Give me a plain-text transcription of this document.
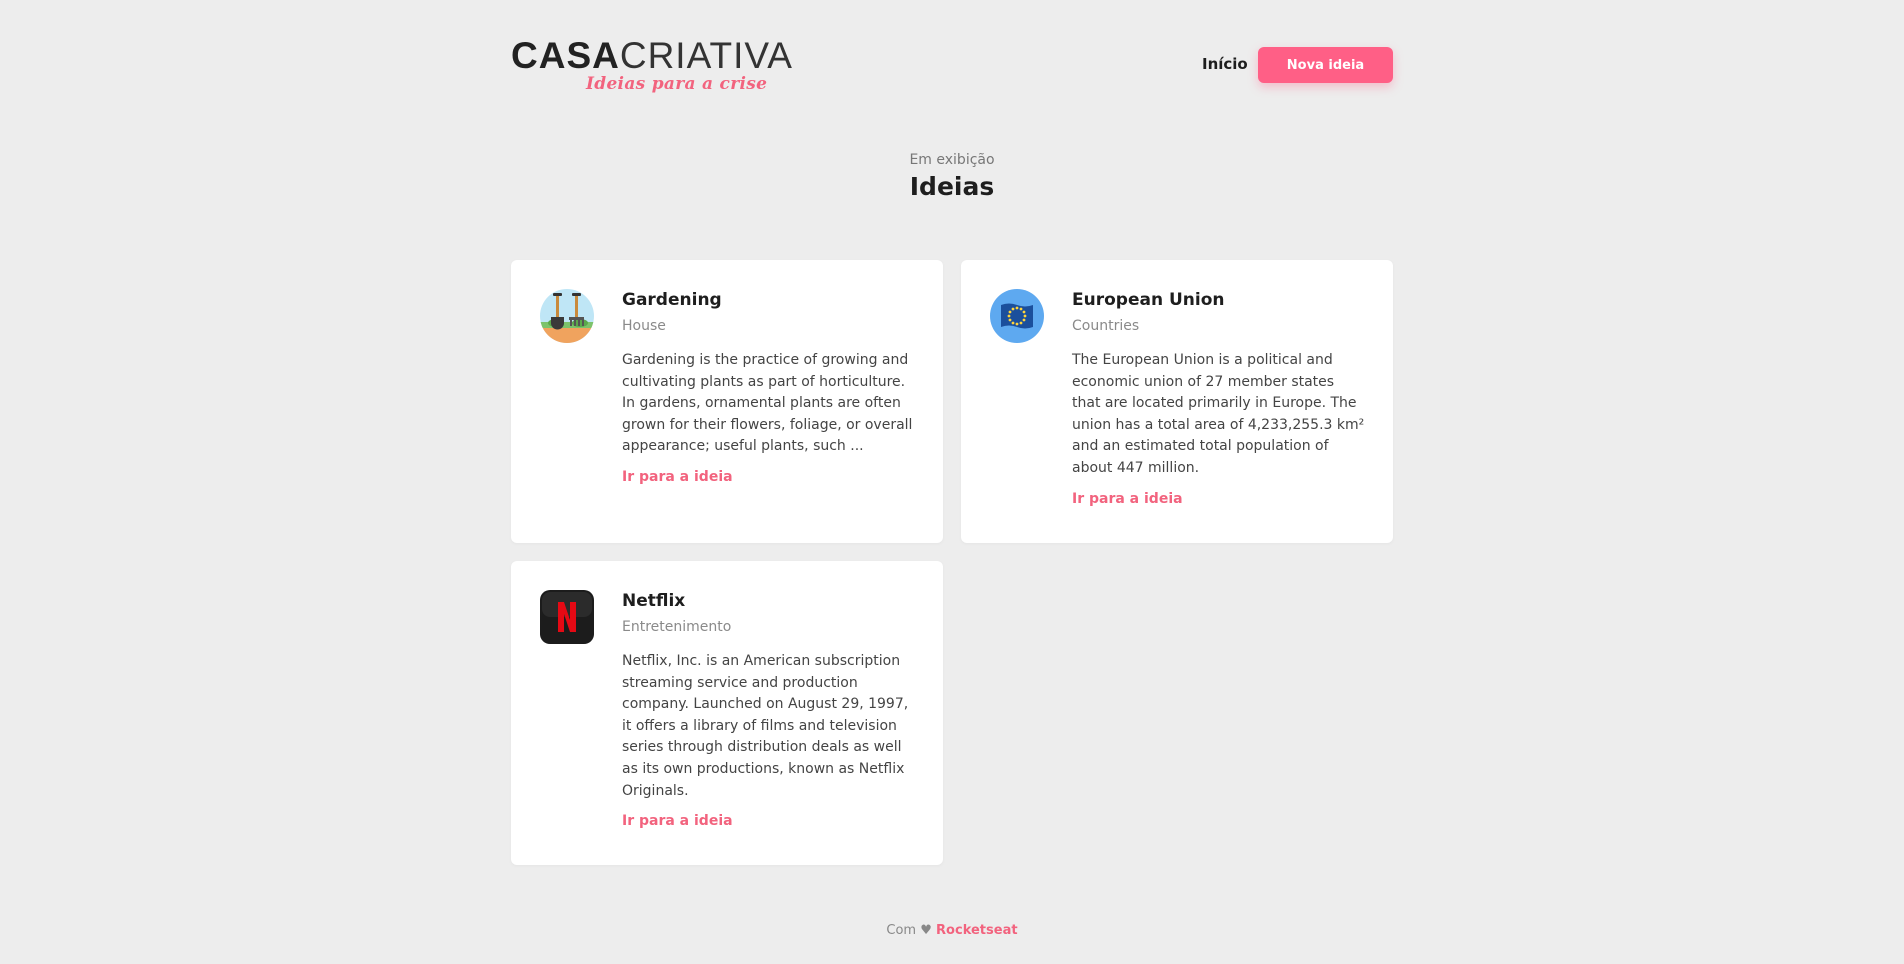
CASACRIATIVA
Ideias para a crise
Início	Nova ideia
Em exibição
Ideias
Gardening
House

Gardening is the practice of growing and cultivating plants as part of horticulture. In gardens, ornamental plants are often grown for their flowers, foliage, or overall appearance; useful plants, such ...

Ir para a ideia
European Union
Countries

The European Union is a political and economic union of 27 member states that are located primarily in Europe. The union has a total area of 4,233,255.3 km² and an estimated total population of about 447 million.

Ir para a ideia
Netflix
Entretenimento

Netflix, Inc. is an American subscription streaming service and production company. Launched on August 29, 1997, it offers a library of films and television series through distribution deals as well as its own productions, known as Netflix Originals.

Ir para a ideia
Com ♥ Rocketseat
